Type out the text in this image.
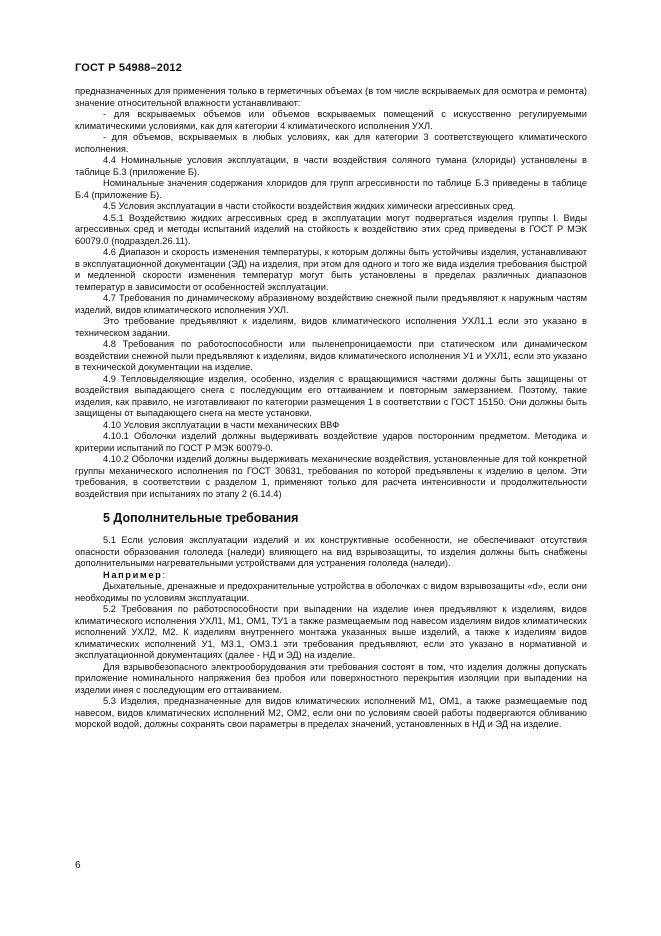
ГОСТ Р 54988–2012

предназначенных для применения только в герметичных объемах (в том числе вскрываемых для осмотра и ремонта) значение относительной влажности устанавливают:

- для вскрываемых объемов или объемов вскрываемых помещений с искусственно регулируемыми климатическими условиями, как для категории 4 климатического исполнения УХЛ.

- для объемов, вскрываемых в любых условиях, как для категории 3 соответствующего климатического исполнения.

4.4 Номинальные условия эксплуатации, в части воздействия соляного тумана (хлориды) установлены в таблице Б.3 (приложение Б).

Номинальные значения содержания хлоридов для групп агрессивности по таблице Б.3 приведены в таблице Б.4 (приложение Б).

4.5 Условия эксплуатации в части стойкости воздействия жидких химически агрессивных сред.

4.5.1 Воздействию жидких агрессивных сред в эксплуатации могут подвергаться изделия группы I. Виды агрессивных сред и методы испытаний изделий на стойкость к воздействию этих сред приведены в ГОСТ Р МЭК 60079.0 (подраздел.26.11).

4.6 Диапазон и скорость изменения температуры, к которым должны быть устойчивы изделия, устанавливают в эксплуатационной документации (ЭД) на изделия, при этом для одного и того же вида изделия требования быстрой и медленной скорости изменения температур могут быть установлены в пределах различных диапазонов температур в зависимости от особенностей эксплуатации.

4.7 Требования по динамическому абразивному воздействию снежной пыли предъявляют к наружным частям изделий, видов климатического исполнения УХЛ.

Это требование предъявляют к изделиям, видов климатического исполнения УХЛ1.1 если это указано в техническом задании.

4.8 Требования по работоспособности или пыленепроницаемости при статическом или динамическом воздействии снежной пыли предъявляют к изделиям, видов климатического исполнения У1 и УХЛ1, если это указано в технической документации на изделие.

4.9 Тепловыделяющие изделия, особенно, изделия с вращающимися частями должны быть защищены от воздействия выпадающего снега с последующим его оттаиванием и повторным замерзанием. Поэтому, такие изделия, как правило, не изготавливают по категории размещения 1 в соответствии с ГОСТ 15150. Они должны быть защищены от выпадающего снега на месте установки.

4.10 Условия эксплуатации в части механических ВВФ

4.10.1 Оболочки изделий должны выдерживать воздействие ударов посторонним предметом. Методика и критерии испытаний по ГОСТ Р МЭК 60079-0.

4.10.2 Оболочки изделий должны выдерживать механические воздействия, установленные для той конкретной группы механического исполнения по ГОСТ 30631, требования по которой предъявлены к изделию в целом. Эти требования, в соответствии с разделом 1, применяют только для расчета интенсивности и продолжительности воздействия при испытаниях по этапу 2 (6.14.4)

5 Дополнительные требования

5.1 Если условия эксплуатации изделий и их конструктивные особенности, не обеспечивают отсутствия опасности образования гололеда (наледи) влияющего на вид взрывозащиты, то изделия должны быть снабжены дополнительными нагревательными устройствами для устранения гололеда (наледи).

Например:

Дыхательные, дренажные и предохранительные устройства в оболочках с видом взрывозащиты «d», если они необходимы по условиям эксплуатации.

5.2 Требования по работоспособности при выпадении на изделие инея предъявляют к изделиям, видов климатического исполнения УХЛ1, М1, ОМ1, ТУ1 а также размещаемым под навесом изделиям видов климатических исполнений УХЛ2, М2. К изделиям внутреннего монтажа указанных выше изделий, а также к изделиям видов климатических исполнений У1, М3.1, ОМ3.1 эти требования предъявляют, если это указано в нормативной и эксплуатационной документациях (далее - НД и ЭД) на изделие.

Для взрывобезопасного электрооборудования эти требования состоят в том, что изделия должны допускать приложение номинального напряжения без пробоя или поверхностного перекрытия изоляции при выпадении на изделии инея с последующим его оттаиванием.

5.3 Изделия, предназначенные для видов климатических исполнений М1, ОМ1, а также размещаемые под навесом, видов климатических исполнений М2, ОМ2, если они по условиям своей работы подвергаются обливанию морской водой, должны сохранять свои параметры в пределах значений, установленных в НД и ЭД на изделие.

6
